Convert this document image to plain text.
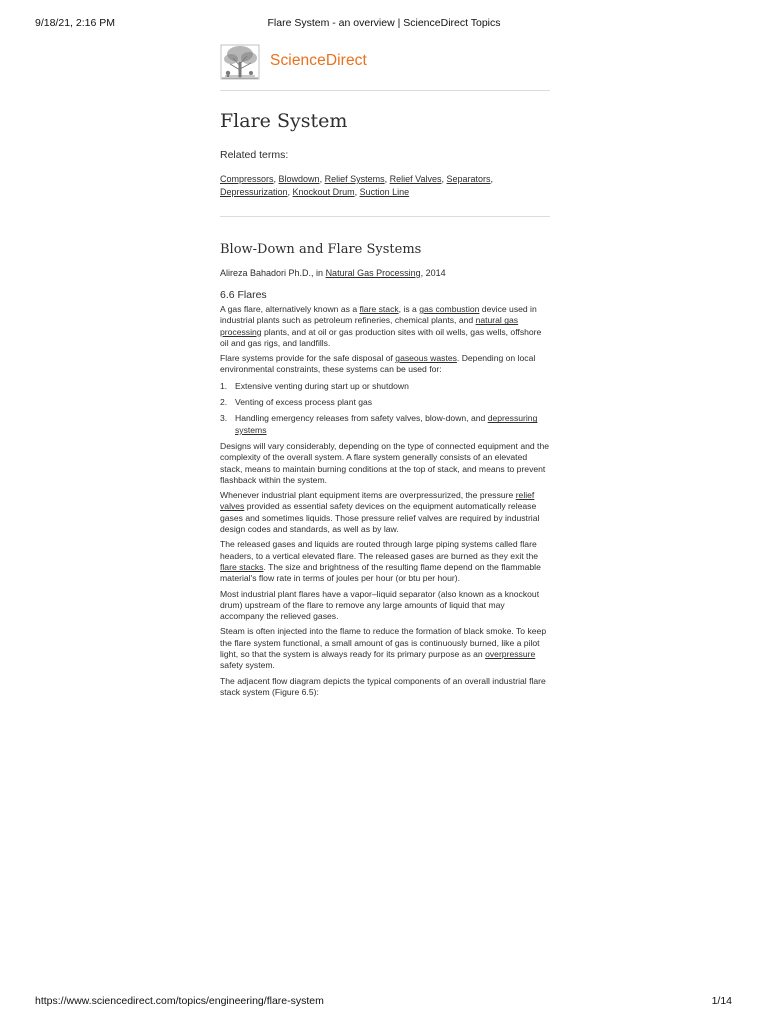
9/18/21, 2:16 PM	Flare System - an overview | ScienceDirect Topics
ScienceDirect
Flare System
Related terms:
Compressors, Blowdown, Relief Systems, Relief Valves, Separators, Depressurization, Knockout Drum, Suction Line
Blow-Down and Flare Systems
Alireza Bahadori Ph.D., in Natural Gas Processing, 2014
6.6 Flares

A gas flare, alternatively known as a flare stack, is a gas combustion device used in industrial plants such as petroleum refineries, chemical plants, and natural gas processing plants, and at oil or gas production sites with oil wells, gas wells, offshore oil and gas rigs, and landfills.

Flare systems provide for the safe disposal of gaseous wastes. Depending on local environmental constraints, these systems can be used for:

1. Extensive venting during start up or shutdown
2. Venting of excess process plant gas
3. Handling emergency releases from safety valves, blow-down, and depressuring systems

Designs will vary considerably, depending on the type of connected equipment and the complexity of the overall system. A flare system generally consists of an elevated stack, means to maintain burning conditions at the top of stack, and means to prevent flashback within the system.

Whenever industrial plant equipment items are overpressurized, the pressure relief valves provided as essential safety devices on the equipment automatically release gases and sometimes liquids. Those pressure relief valves are required by industrial design codes and standards, as well as by law.

The released gases and liquids are routed through large piping systems called flare headers, to a vertical elevated flare. The released gases are burned as they exit the flare stacks. The size and brightness of the resulting flame depend on the flammable material's flow rate in terms of joules per hour (or btu per hour).

Most industrial plant flares have a vapor–liquid separator (also known as a knockout drum) upstream of the flare to remove any large amounts of liquid that may accompany the relieved gases.

Steam is often injected into the flame to reduce the formation of black smoke. To keep the flare system functional, a small amount of gas is continuously burned, like a pilot light, so that the system is always ready for its primary purpose as an overpressure safety system.

The adjacent flow diagram depicts the typical components of an overall industrial flare stack system (Figure 6.5):

https://www.sciencedirect.com/topics/engineering/flare-system	1/14
